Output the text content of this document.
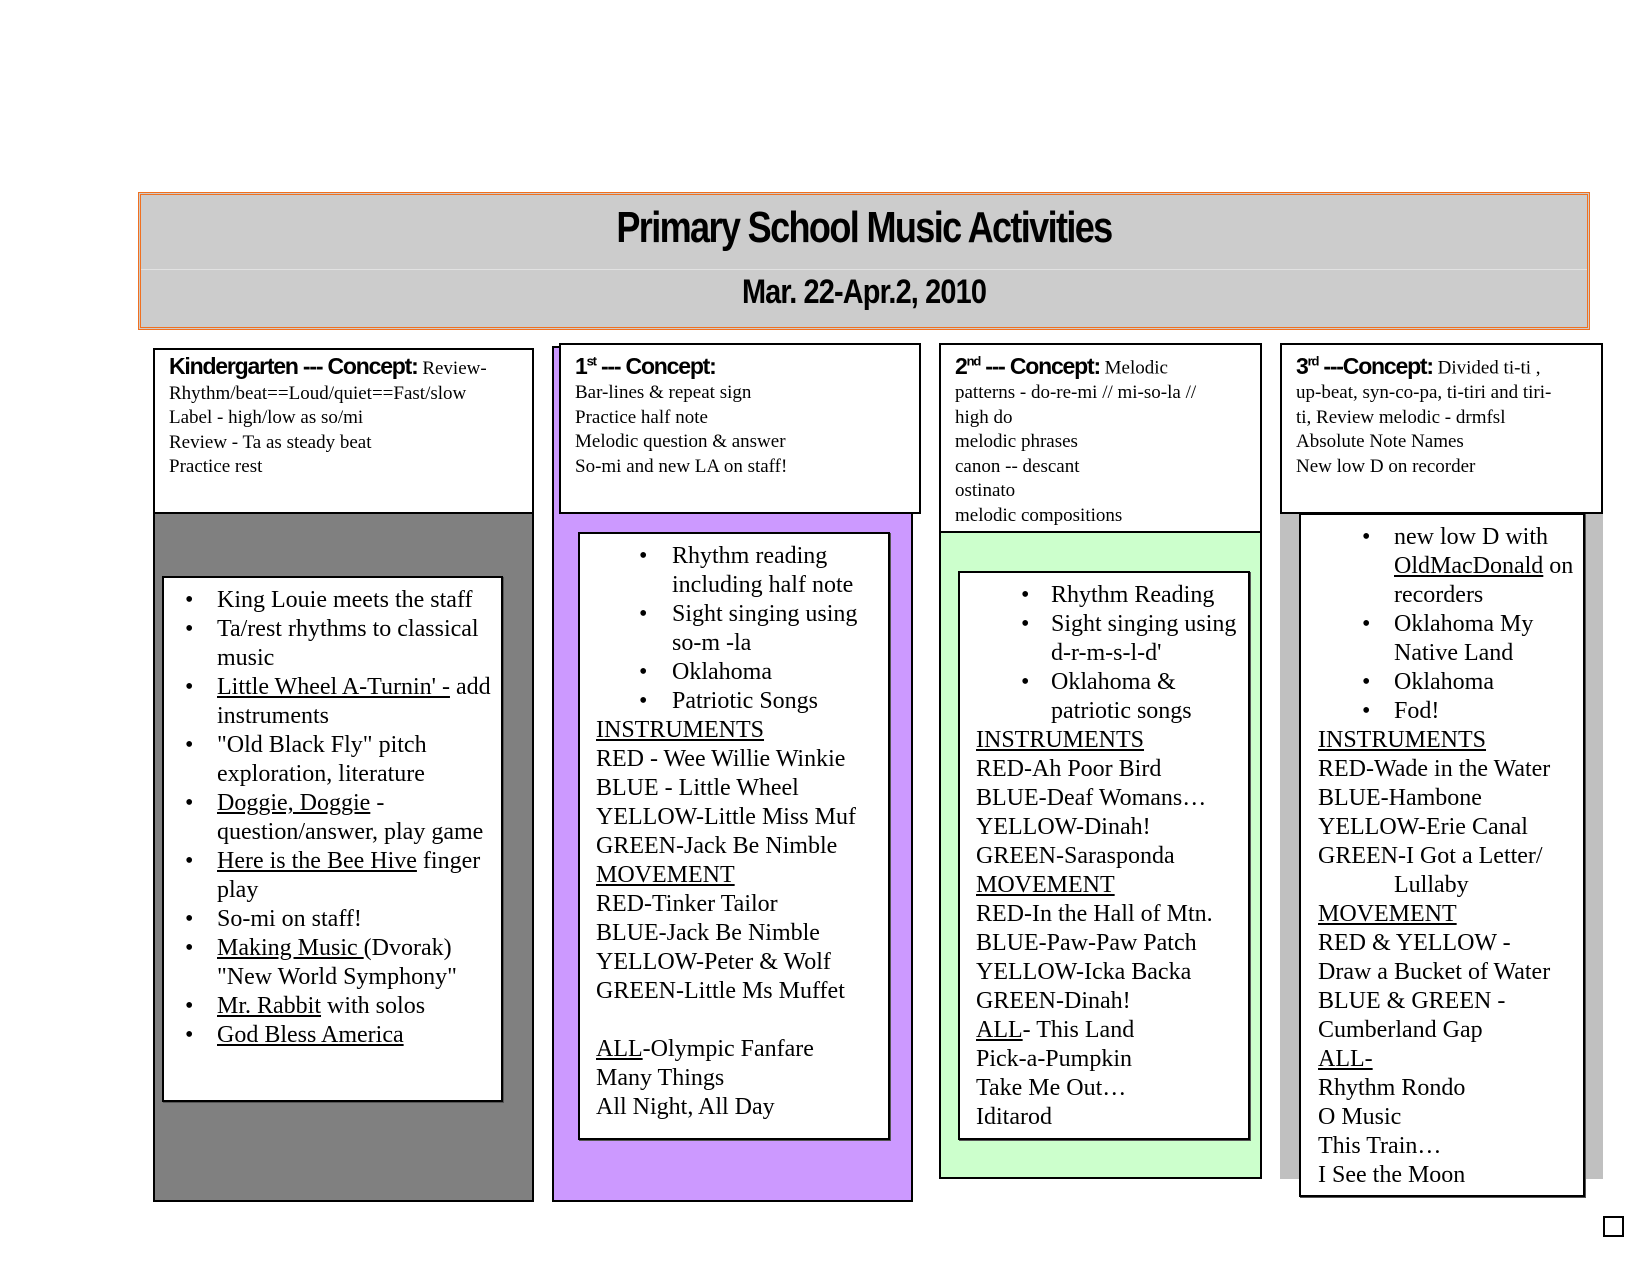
Primary School Music Activities
Mar. 22-Apr.2, 2010
Kindergarten --- Concept: Review-
Rhythm/beat==Loud/quiet==Fast/slow
Label - high/low as so/mi
Review - Ta as steady beat
Practice rest
• King Louie meets the staff
• Ta/rest rhythms to classical music
• Little Wheel A-Turnin' - add instruments
• "Old Black Fly" pitch exploration, literature
• Doggie, Doggie - question/answer, play game
• Here is the Bee Hive finger play
• So-mi on staff!
• Making Music (Dvorak) "New World Symphony"
• Mr. Rabbit with solos
• God Bless America
1st --- Concept:
Bar-lines & repeat sign
Practice half note
Melodic question & answer
So-mi and new LA on staff!
• Rhythm reading including half note
• Sight singing using so-m -la
• Oklahoma
• Patriotic Songs
INSTRUMENTS
RED - Wee Willie Winkie
BLUE - Little Wheel
YELLOW-Little Miss Muf
GREEN-Jack Be Nimble
MOVEMENT
RED-Tinker Tailor
BLUE-Jack Be Nimble
YELLOW-Peter & Wolf
GREEN-Little Ms Muffet
ALL-Olympic Fanfare
Many Things
All Night, All Day
2nd --- Concept: Melodic
patterns - do-re-mi // mi-so-la //
high do
melodic phrases
canon -- descant
ostinato
melodic compositions
• Rhythm Reading
• Sight singing using d-r-m-s-l-d'
• Oklahoma & patriotic songs
INSTRUMENTS
RED-Ah Poor Bird
BLUE-Deaf Womans…
YELLOW-Dinah!
GREEN-Sarasponda
MOVEMENT
RED-In the Hall of Mtn.
BLUE-Paw-Paw Patch
YELLOW-Icka Backa
GREEN-Dinah!
ALL- This Land
Pick-a-Pumpkin
Take Me Out…
Iditarod
3rd ---Concept: Divided ti-ti ,
up-beat, syn-co-pa, ti-tiri and tiri-
ti, Review melodic - drmfsl
Absolute Note Names
New low D on recorder
• new low D with OldMacDonald on recorders
• Oklahoma My Native Land
• Oklahoma
• Fod!
INSTRUMENTS
RED-Wade in the Water
BLUE-Hambone
YELLOW-Erie Canal
GREEN-I Got a Letter/ Lullaby
MOVEMENT
RED & YELLOW -
Draw a Bucket of Water
BLUE & GREEN -
Cumberland Gap
ALL-
Rhythm Rondo
O Music
This Train…
I See the Moon
